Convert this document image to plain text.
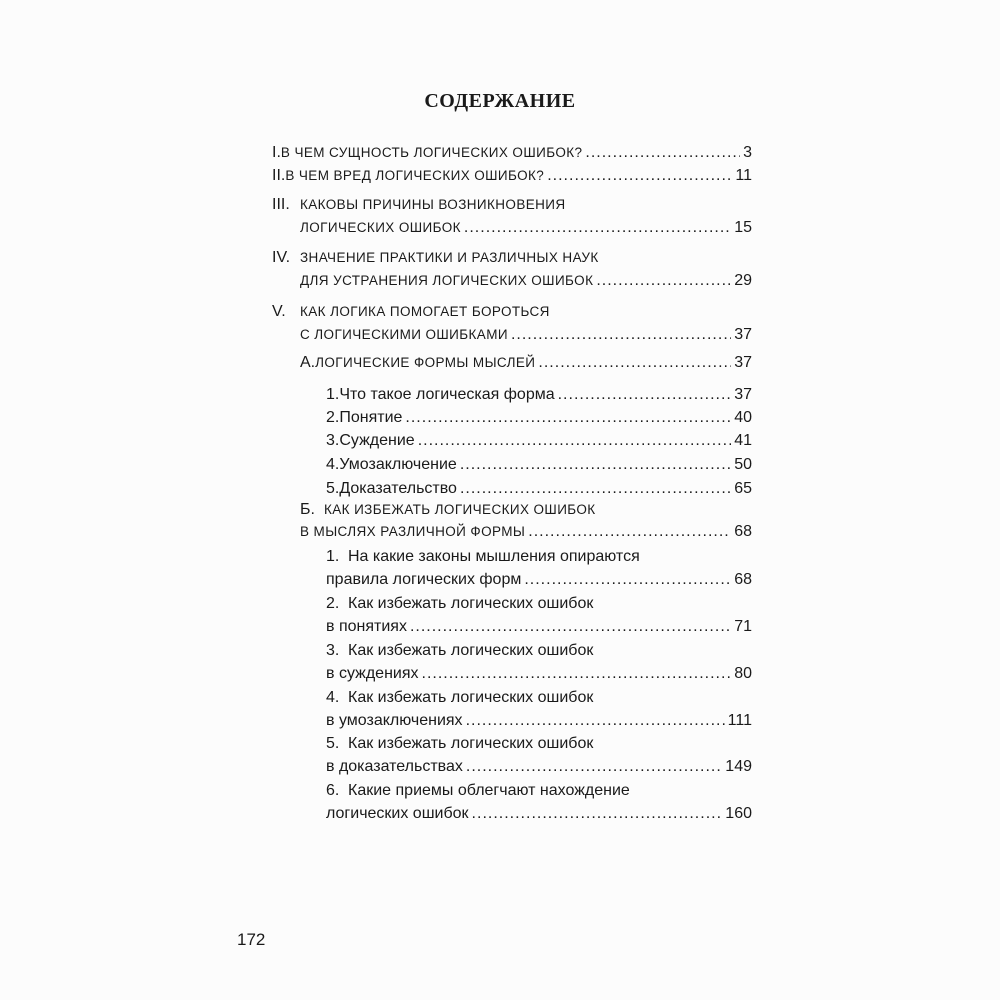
СОДЕРЖАНИЕ
I. В ЧЕМ СУЩНОСТЬ ЛОГИЧЕСКИХ ОШИБОК? .....	3
II. В ЧЕМ ВРЕД ЛОГИЧЕСКИХ ОШИБОК? .....	11
III. КАКОВЫ ПРИЧИНЫ ВОЗНИКНОВЕНИЯ
ЛОГИЧЕСКИХ ОШИБОК .....	15
IV. ЗНАЧЕНИЕ ПРАКТИКИ И РАЗЛИЧНЫХ НАУК
ДЛЯ УСТРАНЕНИЯ ЛОГИЧЕСКИХ ОШИБОК .....	29
V.	КАК ЛОГИКА ПОМОГАЕТ БОРОТЬСЯ
С ЛОГИЧЕСКИМИ ОШИБКАМИ .....	37
А. ЛОГИЧЕСКИЕ ФОРМЫ МЫСЛЕЙ .....	37
1. Что такое логическая форма .....	37
2. Понятие .....	40
3. Суждение .....	41
4. Умозаключение .....	50
5. Доказательство .....	65
Б. КАК ИЗБЕЖАТЬ ЛОГИЧЕСКИХ ОШИБОК
В МЫСЛЯХ РАЗЛИЧНОЙ ФОРМЫ .....	68
1. На какие законы мышления опираются
правила логических форм .....	68
2. Как избежать логических ошибок
в понятиях .....	71
3. Как избежать логических ошибок
в суждениях .....	80
4. Как избежать логических ошибок
в умозаключениях .....	111
5. Как избежать логических ошибок
в доказательствах .....	149
6. Какие приемы облегчают нахождение
логических ошибок .....	160
172
